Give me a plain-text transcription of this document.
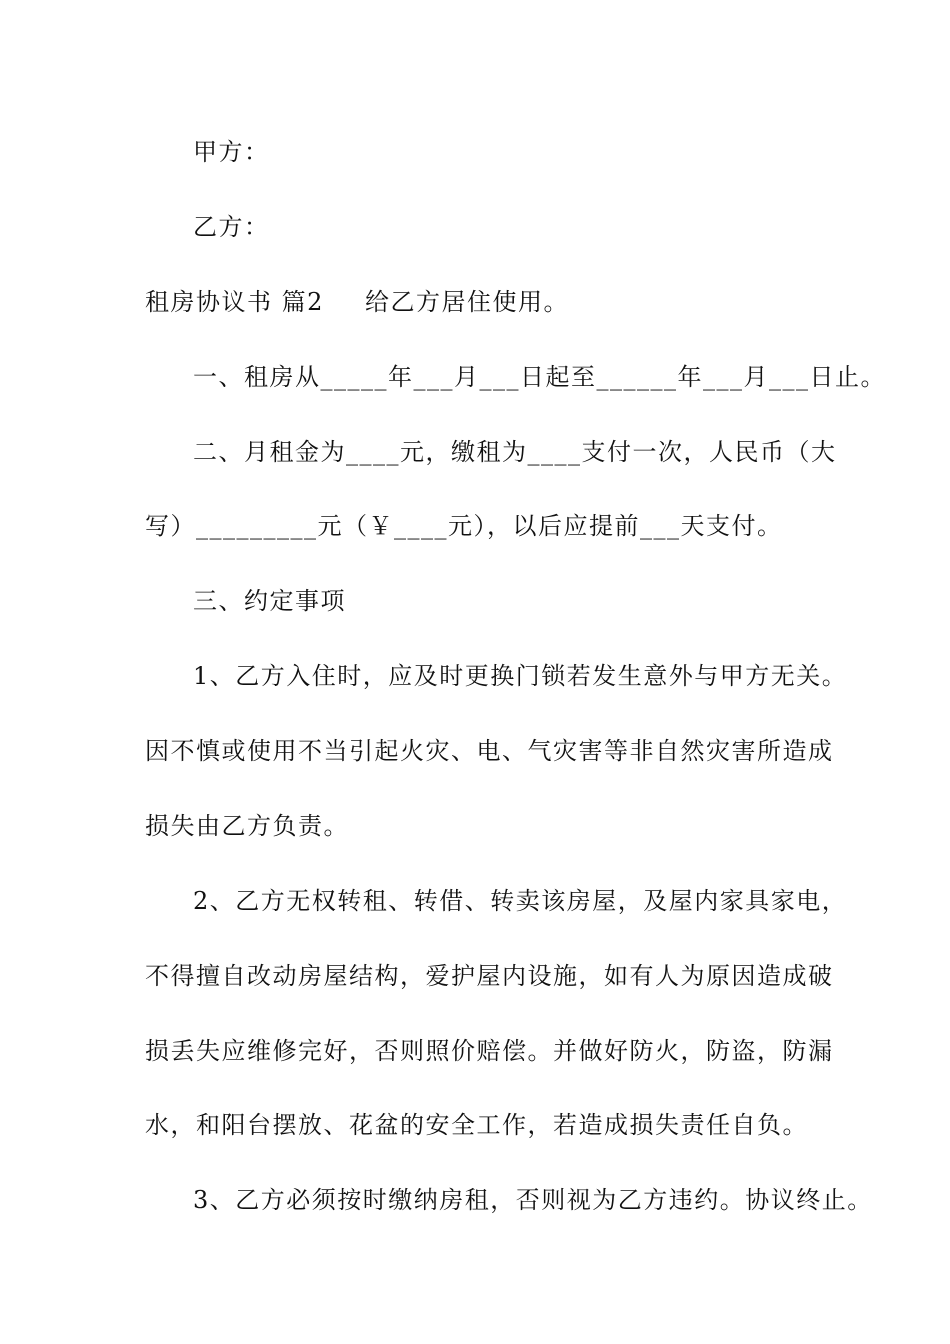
甲方：
乙方：
租房协议书 篇2 给乙方居住使用。
一、租房从_____年___月___日起至______年___月___日止。
二、月租金为____元，缴租为____支付一次，人民币（大
写）_________元（￥____元），以后应提前___天支付。
三、约定事项
1、乙方入住时，应及时更换门锁若发生意外与甲方无关。
因不慎或使用不当引起火灾、电、气灾害等非自然灾害所造成
损失由乙方负责。
2、乙方无权转租、转借、转卖该房屋，及屋内家具家电，
不得擅自改动房屋结构，爱护屋内设施，如有人为原因造成破
损丢失应维修完好，否则照价赔偿。并做好防火，防盗，防漏
水，和阳台摆放、花盆的安全工作，若造成损失责任自负。
3、乙方必须按时缴纳房租，否则视为乙方违约。协议终止。
